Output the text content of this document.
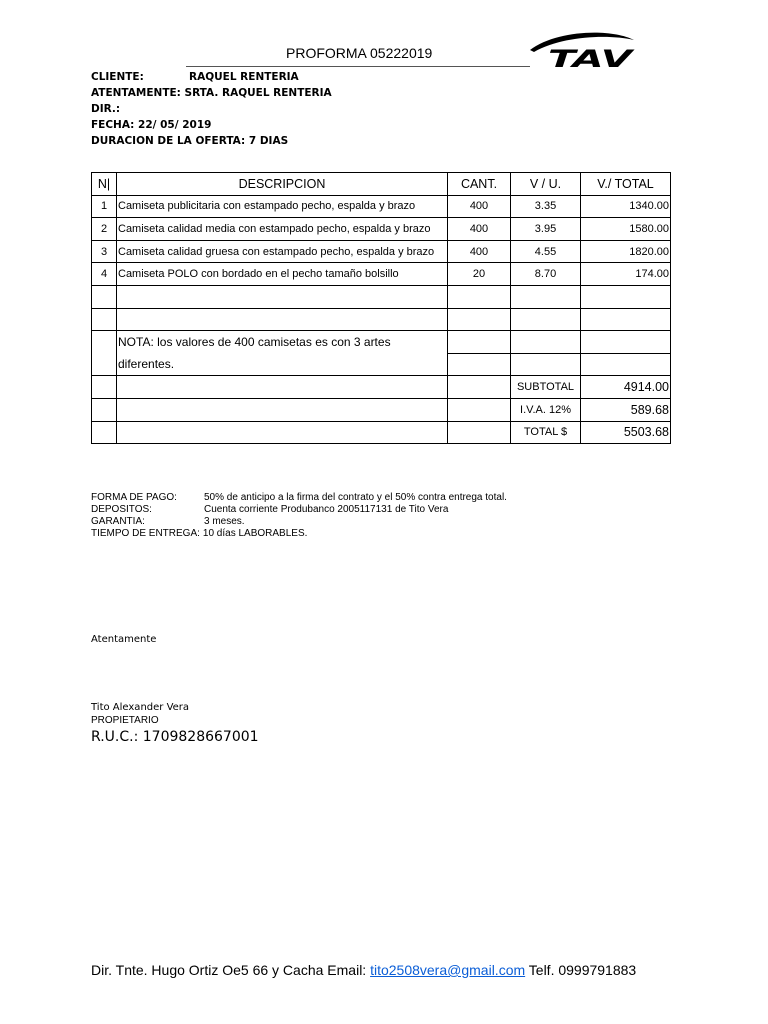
PROFORMA 05222019	TAV
CLIENTE:	RAQUEL RENTERIA
ATENTAMENTE: SRTA. RAQUEL RENTERIA
DIR.:
FECHA: 22/ 05/ 2019
DURACION DE LA OFERTA: 7 DIAS
N|	DESCRIPCION	CANT.	V / U.	V./ TOTAL
1	Camiseta publicitaria con estampado pecho, espalda y brazo	400	3.35	1340.00
2	Camiseta calidad media con estampado pecho, espalda y brazo	400	3.95	1580.00
3	Camiseta calidad gruesa con estampado pecho, espalda y brazo	400	4.55	1820.00
4	Camiseta POLO con bordado en el pecho tamaño bolsillo	20	8.70	174.00

	NOTA: los valores de 400 camisetas es con 3 artes			
	diferentes.			
			SUBTOTAL	4914.00
			I.V.A. 12%	589.68
			TOTAL $	5503.68
FORMA DE PAGO:	50% de anticipo a la firma del contrato y el 50% contra entrega total.
DEPOSITOS:	Cuenta corriente Produbanco 2005117131 de Tito Vera
GARANTIA:	3 meses.
TIEMPO DE ENTREGA: 10 días LABORABLES.
Atentamente
Tito Alexander Vera
PROPIETARIO
R.U.C.: 1709828667001
Dir. Tnte. Hugo Ortiz Oe5 66 y Cacha Email: tito2508vera@gmail.com Telf. 0999791883
